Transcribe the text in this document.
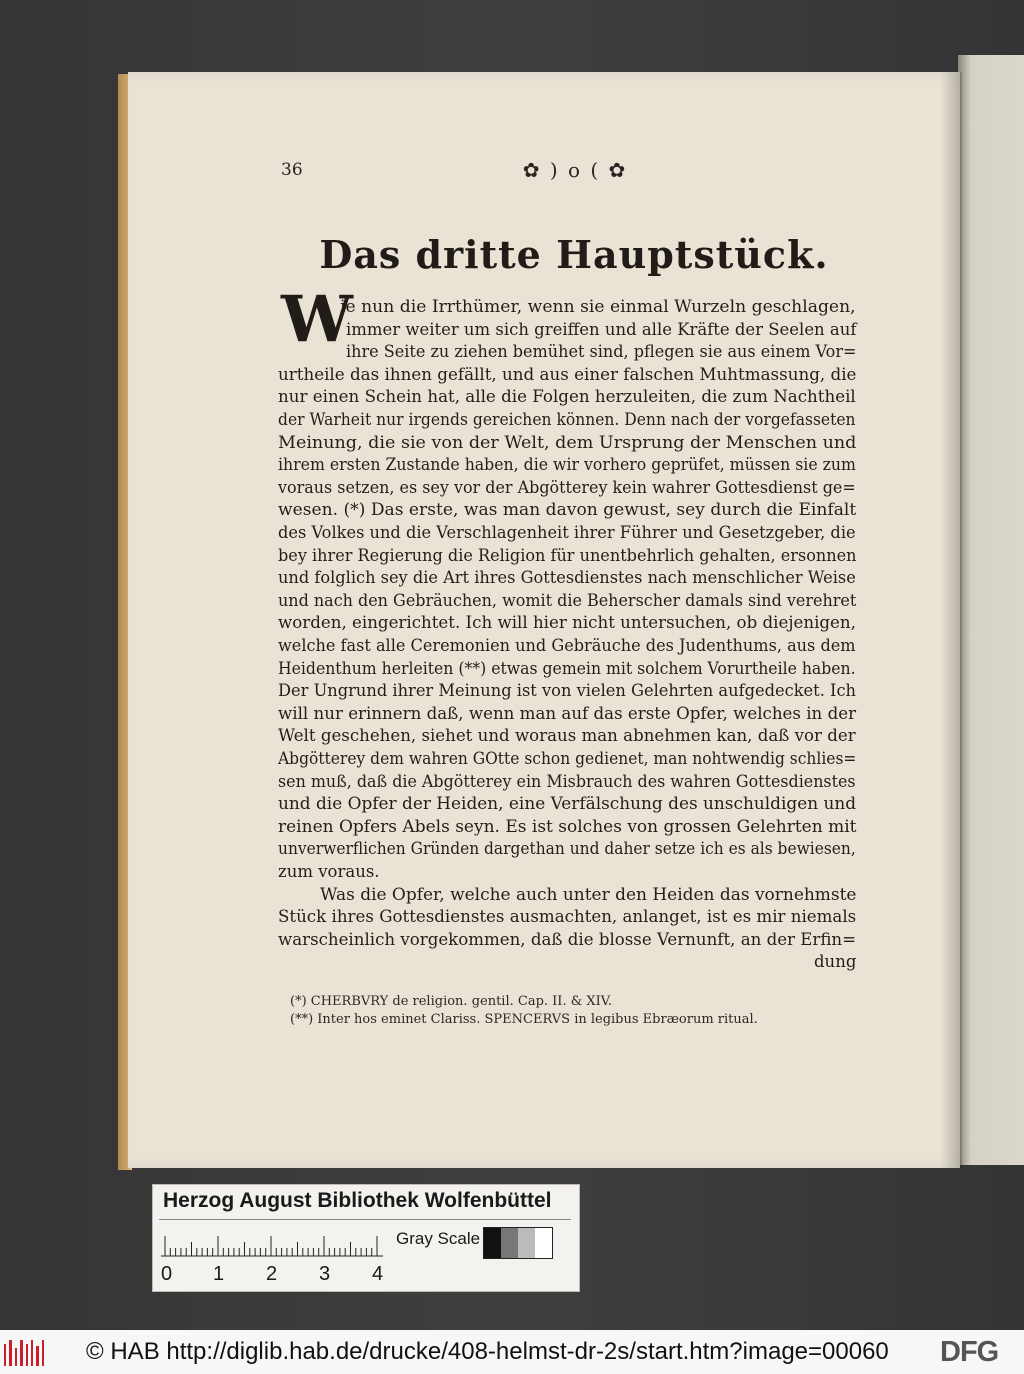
36	✿ ) o ( ✿
Das dritte Hauptstück.
W
ie nun die Irrthümer, wenn sie einmal Wurzeln geschlagen,
immer weiter um sich greiffen und alle Kräfte der Seelen auf
ihre Seite zu ziehen bemühet sind, pflegen sie aus einem Vor=
urtheile das ihnen gefällt, und aus einer falschen Muhtmassung, die
nur einen Schein hat, alle die Folgen herzuleiten, die zum Nachtheil
der Warheit nur irgends gereichen können. Denn nach der vorgefasseten
Meinung, die sie von der Welt, dem Ursprung der Menschen und
ihrem ersten Zustande haben, die wir vorhero geprüfet, müssen sie zum
voraus setzen, es sey vor der Abgötterey kein wahrer Gottesdienst ge=
wesen. (*) Das erste, was man davon gewust, sey durch die Einfalt
des Volkes und die Verschlagenheit ihrer Führer und Gesetzgeber, die
bey ihrer Regierung die Religion für unentbehrlich gehalten, ersonnen
und folglich sey die Art ihres Gottesdienstes nach menschlicher Weise
und nach den Gebräuchen, womit die Beherscher damals sind verehret
worden, eingerichtet. Ich will hier nicht untersuchen, ob diejenigen,
welche fast alle Ceremonien und Gebräuche des Judenthums, aus dem
Heidenthum herleiten (**) etwas gemein mit solchem Vorurtheile haben.
Der Ungrund ihrer Meinung ist von vielen Gelehrten aufgedecket. Ich
will nur erinnern daß, wenn man auf das erste Opfer, welches in der
Welt geschehen, siehet und woraus man abnehmen kan, daß vor der
Abgötterey dem wahren GOtte schon gedienet, man nohtwendig schlies=
sen muß, daß die Abgötterey ein Misbrauch des wahren Gottesdienstes
und die Opfer der Heiden, eine Verfälschung des unschuldigen und
reinen Opfers Abels seyn. Es ist solches von grossen Gelehrten mit
unverwerflichen Gründen dargethan und daher setze ich es als bewiesen,
zum voraus.
Was die Opfer, welche auch unter den Heiden das vornehmste
Stück ihres Gottesdienstes ausmachten, anlanget, ist es mir niemals
warscheinlich vorgekommen, daß die blosse Vernunft, an der Erfin=
dung
(*) CHERBVRY de religion. gentil. Cap. II. & XIV.
(**) Inter hos eminet Clariss. SPENCERVS in legibus Ebræorum ritual.
Herzog August Bibliothek Wolfenbüttel
0 1 2 3 4
Gray Scale
© HAB http://diglib.hab.de/drucke/408-helmst-dr-2s/start.htm?image=00060 DFG
